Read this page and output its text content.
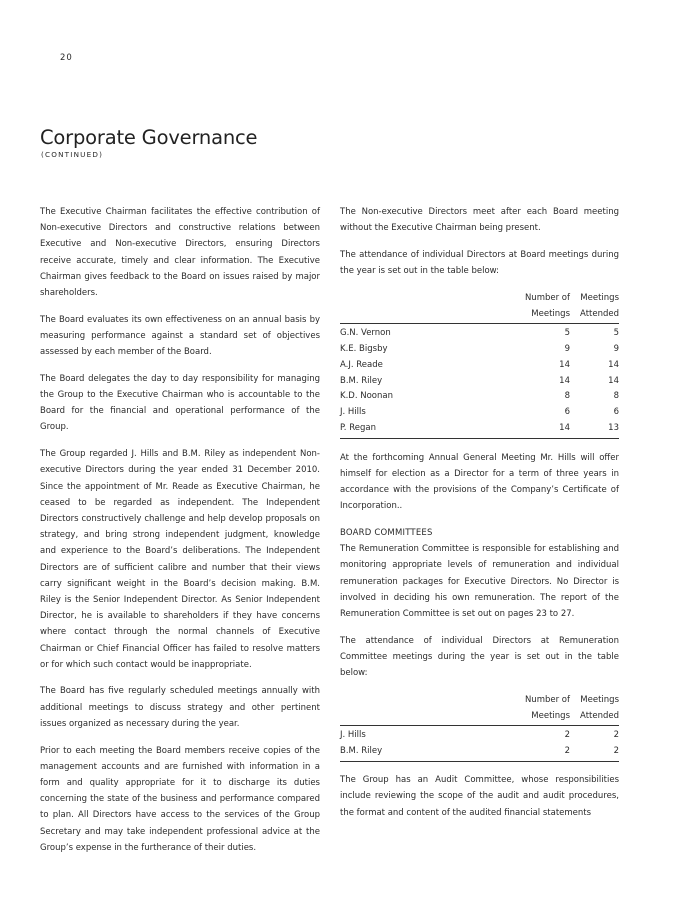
20
Corporate Governance
(CONTINUED)

The Executive Chairman facilitates the effective contribution of Non-executive Directors and constructive relations between Executive and Non-executive Directors, ensuring Directors receive accurate, timely and clear information. The Executive Chairman gives feedback to the Board on issues raised by major shareholders.

The Board evaluates its own effectiveness on an annual basis by measuring performance against a standard set of objectives assessed by each member of the Board.

The Board delegates the day to day responsibility for managing the Group to the Executive Chairman who is accountable to the Board for the financial and operational performance of the Group.

The Group regarded J. Hills and B.M. Riley as independent Non-executive Directors during the year ended 31 December 2010. Since the appointment of Mr. Reade as Executive Chairman, he ceased to be regarded as independent. The Independent Directors constructively challenge and help develop proposals on strategy, and bring strong independent judgment, knowledge and experience to the Board’s deliberations. The Independent Directors are of sufficient calibre and number that their views carry significant weight in the Board’s decision making. B.M. Riley is the Senior Independent Director. As Senior Independent Director, he is available to shareholders if they have concerns where contact through the normal channels of Executive Chairman or Chief Financial Officer has failed to resolve matters or for which such contact would be inappropriate.

The Board has five regularly scheduled meetings annually with additional meetings to discuss strategy and other pertinent issues organized as necessary during the year.

Prior to each meeting the Board members receive copies of the management accounts and are furnished with information in a form and quality appropriate for it to discharge its duties concerning the state of the business and performance compared to plan. All Directors have access to the services of the Group Secretary and may take independent professional advice at the Group’s expense in the furtherance of their duties.

The Non-executive Directors meet after each Board meeting without the Executive Chairman being present.

The attendance of individual Directors at Board meetings during the year is set out in the table below:

	Number of	Meetings
	Meetings	Attended
G.N. Vernon	5	5
K.E. Bigsby	9	9
A.J. Reade	14	14
B.M. Riley	14	14
K.D. Noonan	8	8
J. Hills	6	6
P. Regan	14	13

At the forthcoming Annual General Meeting Mr. Hills will offer himself for election as a Director for a term of three years in accordance with the provisions of the Company’s Certificate of Incorporation..

BOARD COMMITTEES

The Remuneration Committee is responsible for establishing and monitoring appropriate levels of remuneration and individual remuneration packages for Executive Directors. No Director is involved in deciding his own remuneration. The report of the Remuneration Committee is set out on pages 23 to 27.

The attendance of individual Directors at Remuneration Committee meetings during the year is set out in the table below:

	Number of	Meetings
	Meetings	Attended
J. Hills	2	2
B.M. Riley	2	2

The Group has an Audit Committee, whose responsibilities include reviewing the scope of the audit and audit procedures, the format and content of the audited financial statements
